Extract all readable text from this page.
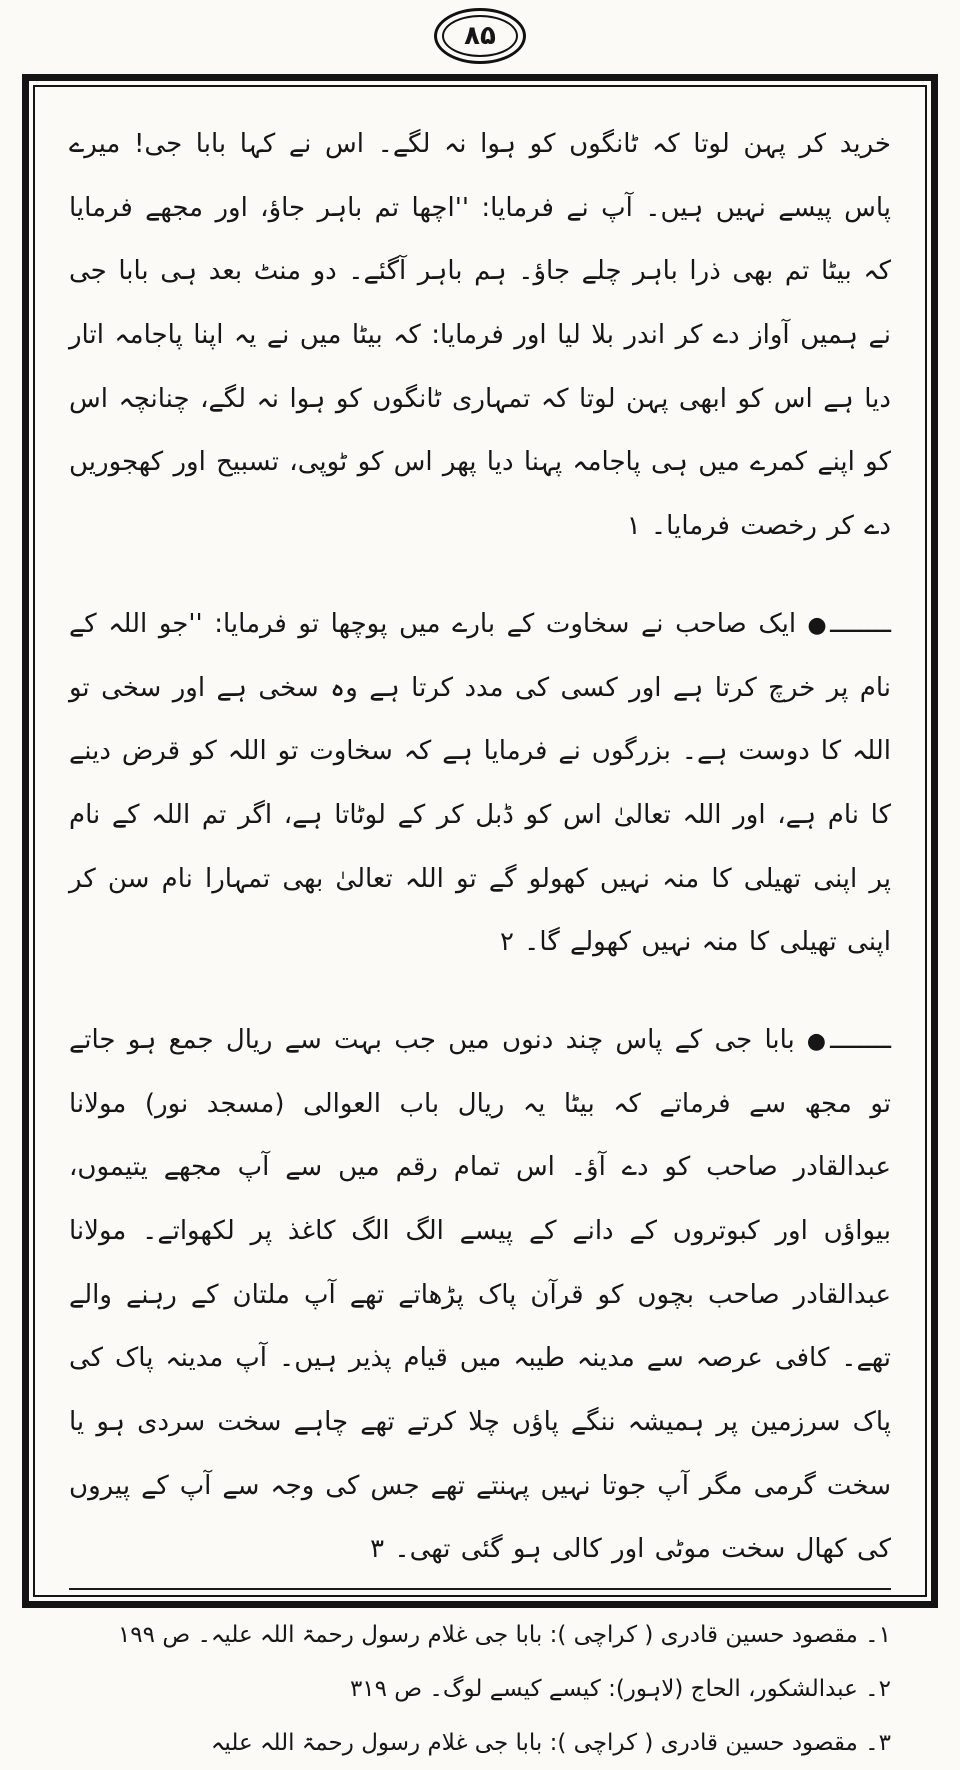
۸۵

خرید کر پہن لوتا کہ ٹانگوں کو ہوا نہ لگے۔ اس نے کہا بابا جی! میرے پاس پیسے نہیں ہیں۔ آپ نے فرمایا: ''اچھا تم باہر جاؤ، اور مجھے فرمایا کہ بیٹا تم بھی ذرا باہر چلے جاؤ۔ ہم باہر آگئے۔ دو منٹ بعد ہی بابا جی نے ہمیں آواز دے کر اندر بلا لیا اور فرمایا: کہ بیٹا میں نے یہ اپنا پاجامہ اتار دیا ہے اس کو ابھی پہن لوتا کہ تمہاری ٹانگوں کو ہوا نہ لگے، چنانچہ اس کو اپنے کمرے میں ہی پاجامہ پہنا دیا پھر اس کو ٹوپی، تسبیح اور کھجوریں دے کر رخصت فرمایا۔ ۱

ــــــــ●ایک صاحب نے سخاوت کے بارے میں پوچھا تو فرمایا: ''جو اللہ کے نام پر خرچ کرتا ہے اور کسی کی مدد کرتا ہے وہ سخی ہے اور سخی تو اللہ کا دوست ہے۔ بزرگوں نے فرمایا ہے کہ سخاوت تو اللہ کو قرض دینے کا نام ہے، اور اللہ تعالیٰ اس کو ڈبل کر کے لوٹاتا ہے، اگر تم اللہ کے نام پر اپنی تھیلی کا منہ نہیں کھولو گے تو اللہ تعالیٰ بھی تمہارا نام سن کر اپنی تھیلی کا منہ نہیں کھولے گا۔ ۲

ــــــــ●بابا جی کے پاس چند دنوں میں جب بہت سے ریال جمع ہو جاتے تو مجھ سے فرماتے کہ بیٹا یہ ریال باب العوالی (مسجد نور) مولانا عبدالقادر صاحب کو دے آؤ۔ اس تمام رقم میں سے آپ مجھے یتیموں، بیواؤں اور کبوتروں کے دانے کے پیسے الگ الگ کاغذ پر لکھواتے۔ مولانا عبدالقادر صاحب بچوں کو قرآن پاک پڑھاتے تھے آپ ملتان کے رہنے والے تھے۔ کافی عرصہ سے مدینہ طیبہ میں قیام پذیر ہیں۔ آپ مدینہ پاک کی پاک سرزمین پر ہمیشہ ننگے پاؤں چلا کرتے تھے چاہے سخت سردی ہو یا سخت گرمی مگر آپ جوتا نہیں پہنتے تھے جس کی وجہ سے آپ کے پیروں کی کھال سخت موٹی اور کالی ہو گئی تھی۔ ۳

۱۔ مقصود حسین قادری ( کراچی ): بابا جی غلام رسول رحمۃ اللہ علیہ۔ ص ۱۹۹

۲۔ عبدالشکور، الحاج (لاہور): کیسے کیسے لوگ۔ ص ۳۱۹

۳۔ مقصود حسین قادری ( کراچی ): بابا جی غلام رسول رحمۃ اللہ علیہ
